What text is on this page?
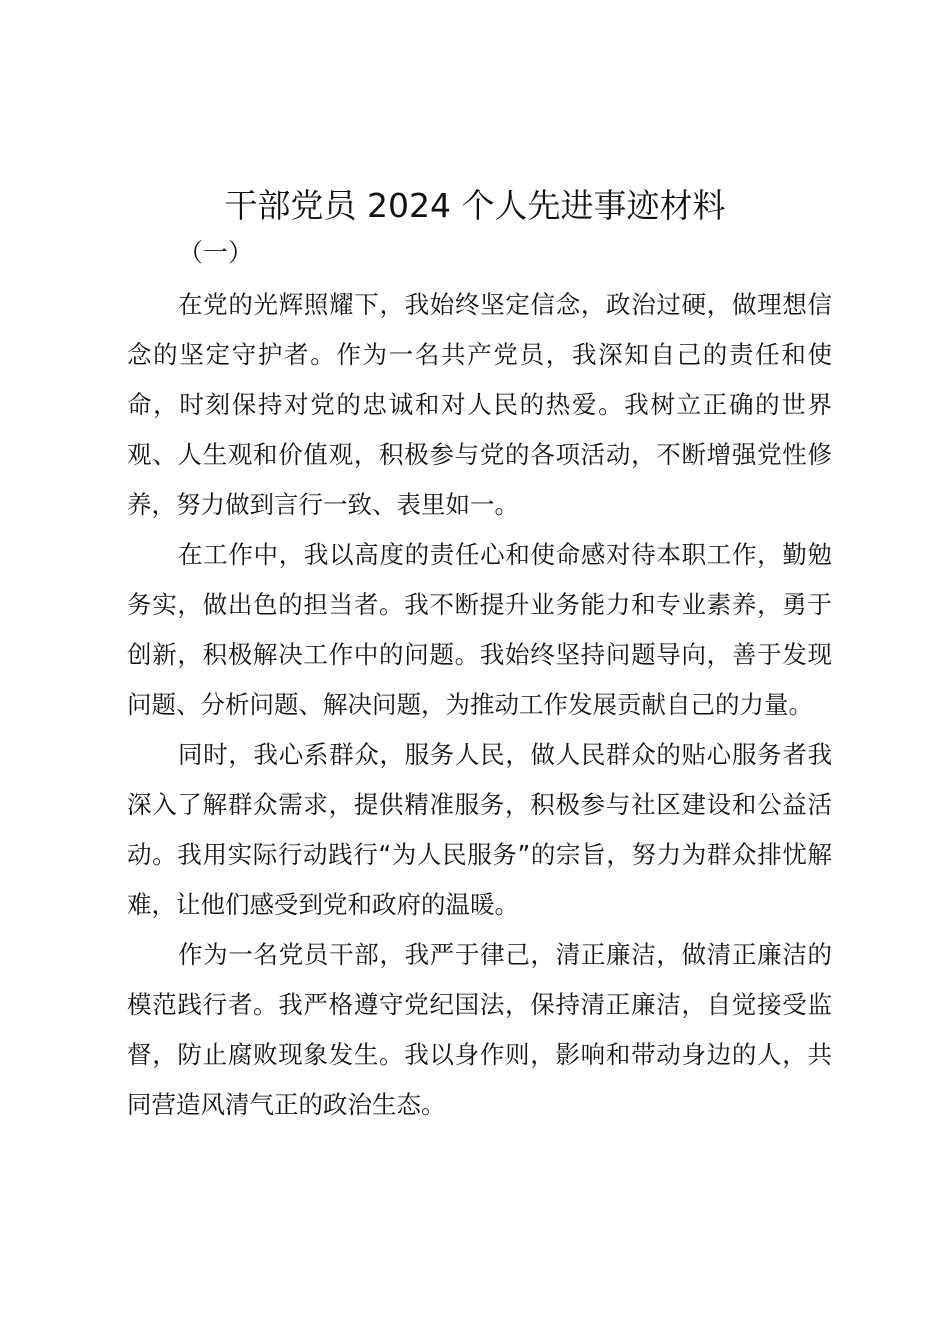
干部党员 2024 个人先进事迹材料

（一）

在党的光辉照耀下，我始终坚定信念，政治过硬，做理想信念的坚定守护者。作为一名共产党员，我深知自己的责任和使命，时刻保持对党的忠诚和对人民的热爱。我树立正确的世界观、人生观和价值观，积极参与党的各项活动，不断增强党性修养，努力做到言行一致、表里如一。

在工作中，我以高度的责任心和使命感对待本职工作，勤勉务实，做出色的担当者。我不断提升业务能力和专业素养，勇于创新，积极解决工作中的问题。我始终坚持问题导向，善于发现问题、分析问题、解决问题，为推动工作发展贡献自己的力量。

同时，我心系群众，服务人民，做人民群众的贴心服务者我深入了解群众需求，提供精准服务，积极参与社区建设和公益活动。我用实际行动践行“为人民服务”的宗旨，努力为群众排忧解难，让他们感受到党和政府的温暖。

作为一名党员干部，我严于律己，清正廉洁，做清正廉洁的模范践行者。我严格遵守党纪国法，保持清正廉洁，自觉接受监督，防止腐败现象发生。我以身作则，影响和带动身边的人，共同营造风清气正的政治生态。
